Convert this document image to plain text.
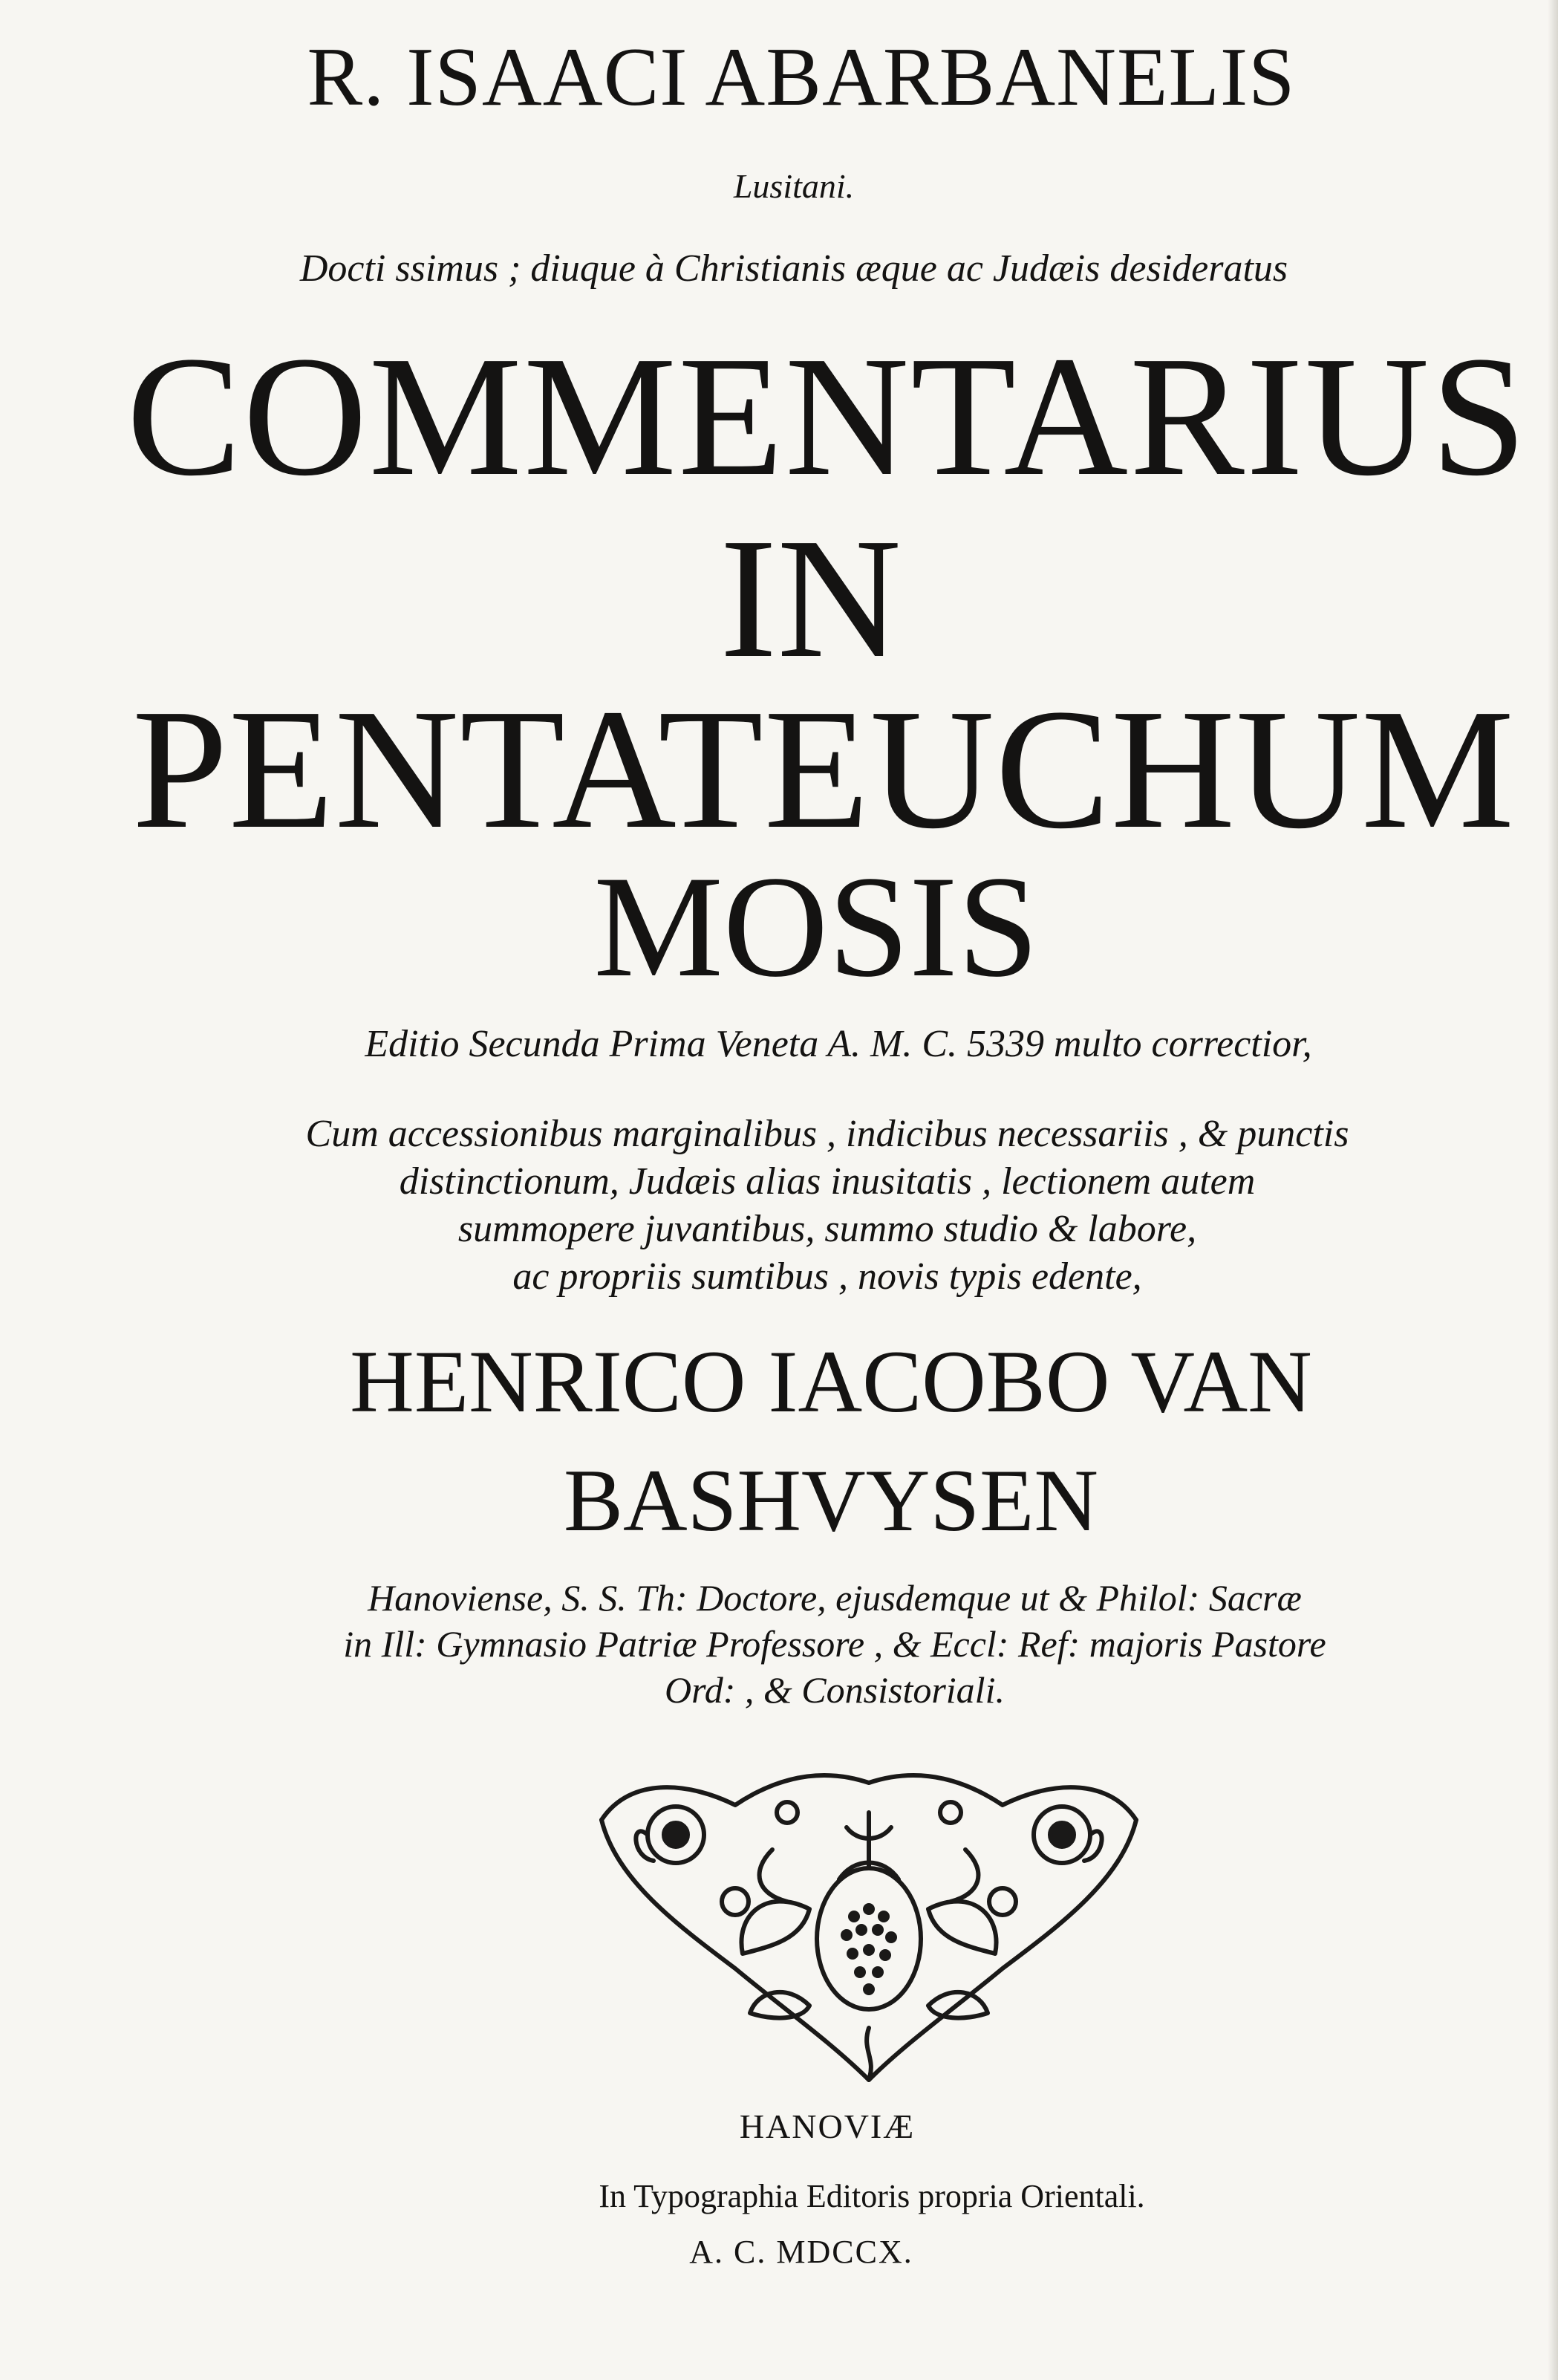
R. ISAACI ABARBANELIS
Lusitani.
Docti ssimus ; diuque à Christianis æque ac Judæis desideratus
COMMENTARIUS
IN
PENTATEUCHUM
MOSIS
Editio Secunda Prima Veneta A. M. C. 5339 multo correctior,
Cum accessionibus marginalibus , indicibus necessariis , & punctis
distinctionum, Judæis alias inusitatis , lectionem autem
summopere juvantibus, summo studio & labore,
ac propriis sumtibus , novis typis edente,
HENRICO IACOBO VAN
BASHVYSEN
Hanoviense, S. S. Th: Doctore, ejusdemque ut & Philol: Sacræ
in Ill: Gymnasio Patriæ Professore , & Eccl: Ref: majoris Pastore
Ord: , & Consistoriali.
HANOVIÆ
In Typographia Editoris propria Orientali.
A. C. MDCCX.
